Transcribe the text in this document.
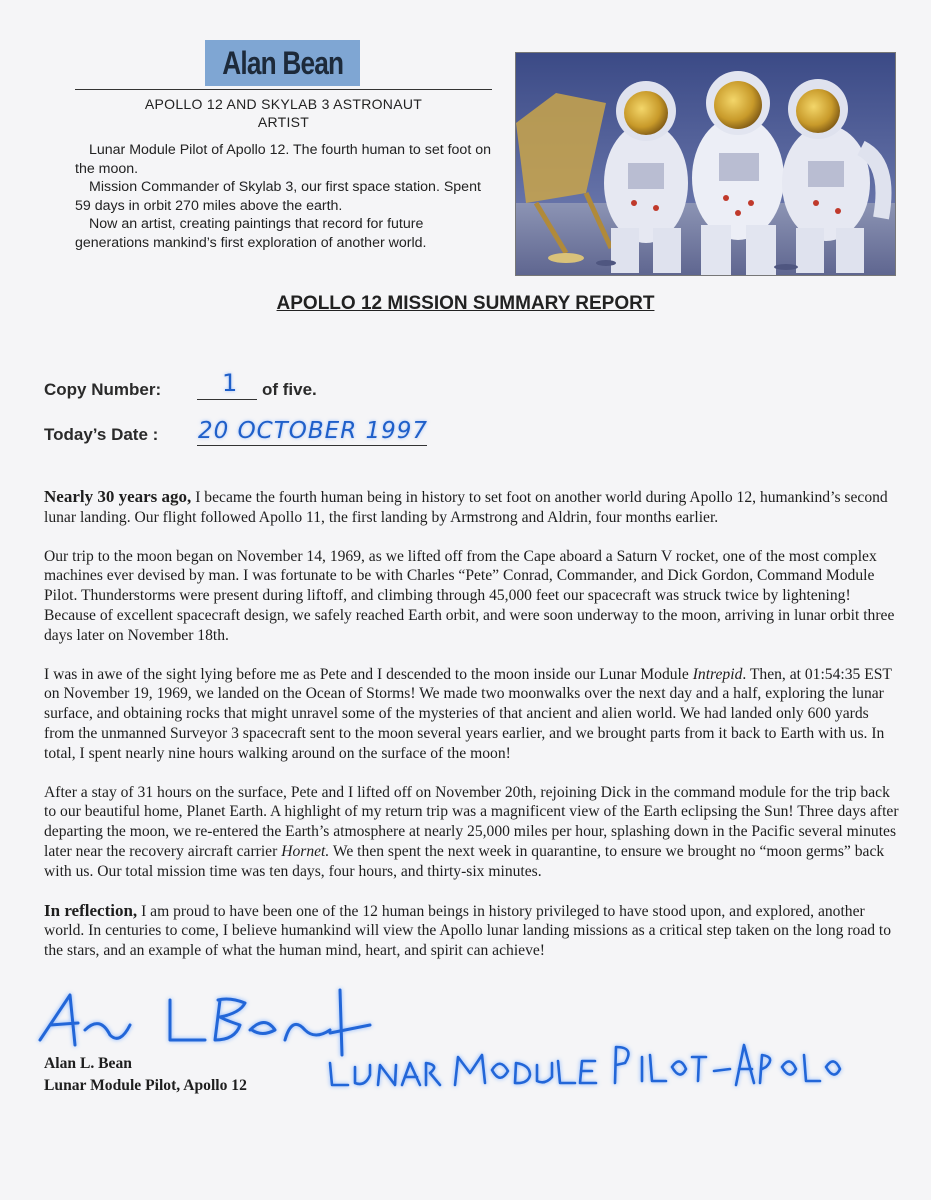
Alan Bean
APOLLO 12 AND SKYLAB 3 ASTRONAUT
ARTIST

Lunar Module Pilot of Apollo 12. The fourth human to set foot on the moon.

Mission Commander of Skylab 3, our first space station. Spent 59 days in orbit 270 miles above the earth.

Now an artist, creating paintings that record for future generations mankind’s first exploration of another world.

APOLLO 12 MISSION SUMMARY REPORT
Copy Number:	1 of five.
Today’s Date : 20 OCTOBER 1997

Nearly 30 years ago, I became the fourth human being in history to set foot on another world during Apollo 12, humankind’s second lunar landing. Our flight followed Apollo 11, the first landing by Armstrong and Aldrin, four months earlier.

Our trip to the moon began on November 14, 1969, as we lifted off from the Cape aboard a Saturn V rocket, one of the most complex machines ever devised by man. I was fortunate to be with Charles “Pete” Conrad, Commander, and Dick Gordon, Command Module Pilot. Thunderstorms were present during liftoff, and climbing through 45,000 feet our spacecraft was struck twice by lightening! Because of excellent spacecraft design, we safely reached Earth orbit, and were soon underway to the moon, arriving in lunar orbit three days later on November 18th.

I was in awe of the sight lying before me as Pete and I descended to the moon inside our Lunar Module Intrepid. Then, at 01:54:35 EST on November 19, 1969, we landed on the Ocean of Storms! We made two moonwalks over the next day and a half, exploring the lunar surface, and obtaining rocks that might unravel some of the mysteries of that ancient and alien world. We had landed only 600 yards from the unmanned Surveyor 3 spacecraft sent to the moon several years earlier, and we brought parts from it back to Earth with us. In total, I spent nearly nine hours walking around on the surface of the moon!

After a stay of 31 hours on the surface, Pete and I lifted off on November 20th, rejoining Dick in the command module for the trip back to our beautiful home, Planet Earth. A highlight of my return trip was a magnificent view of the Earth eclipsing the Sun! Three days after departing the moon, we re-entered the Earth’s atmosphere at nearly 25,000 miles per hour, splashing down in the Pacific several minutes later near the recovery aircraft carrier Hornet. We then spent the next week in quarantine, to ensure we brought no “moon germs” back with us. Our total mission time was ten days, four hours, and thirty-six minutes.

In reflection, I am proud to have been one of the 12 human beings in history privileged to have stood upon, and explored, another world. In centuries to come, I believe humankind will view the Apollo lunar landing missions as a critical step taken on the long road to the stars, and an example of what the human mind, heart, and spirit can achieve!

Alan L. Bean
Lunar Module Pilot, Apollo 12
